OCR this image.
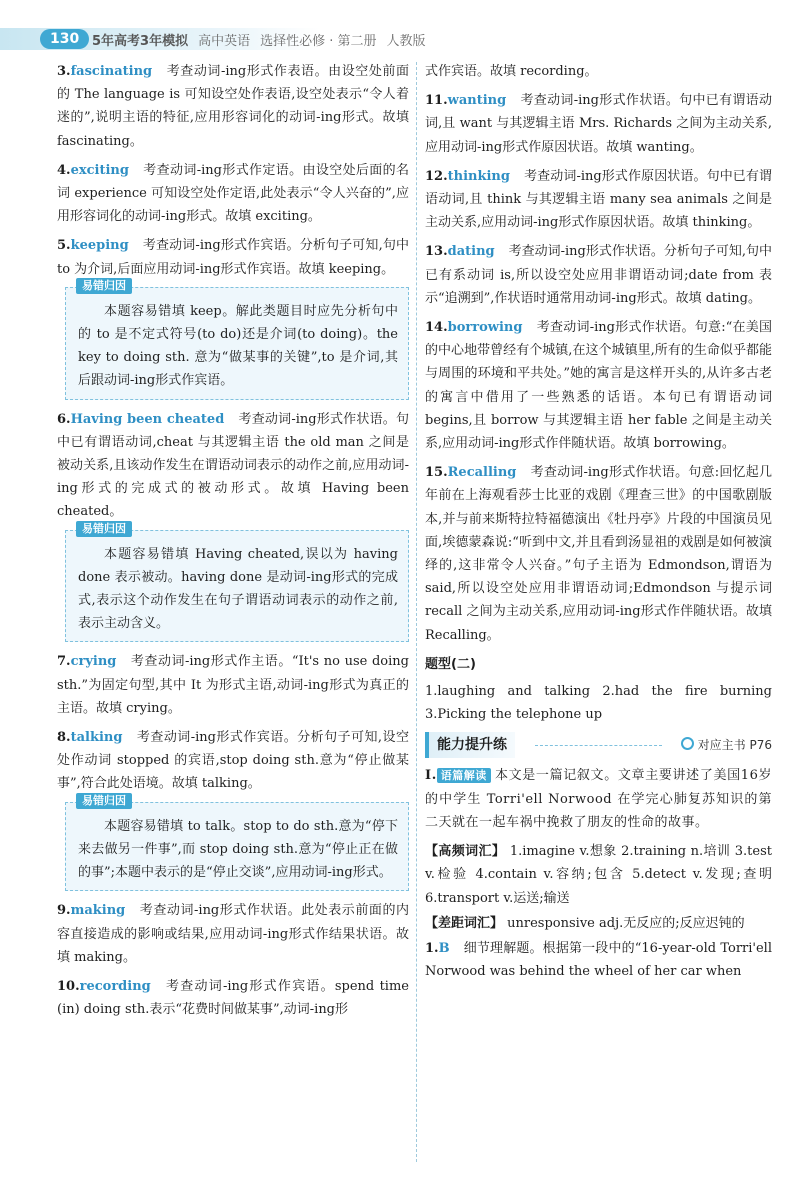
130 5年高考3年模拟 高中英语 选择性必修 · 第二册 人教版

3.fascinating 考查动词-ing形式作表语。由设空处前面的 The language is 可知设空处作表语,设空处表示“令人着迷的”,说明主语的特征,应用形容词化的动词-ing形式。故填 fascinating。

4.exciting 考查动词-ing形式作定语。由设空处后面的名词 experience 可知设空处作定语,此处表示“令人兴奋的”,应用形容词化的动词-ing形式。故填 exciting。

5.keeping 考查动词-ing形式作宾语。分析句子可知,句中 to 为介词,后面应用动词-ing形式作宾语。故填 keeping。

易错归因

本题容易错填 keep。解此类题目时应先分析句中的 to 是不定式符号(to do)还是介词(to doing)。the key to doing sth. 意为“做某事的关键”,to 是介词,其后跟动词-ing形式作宾语。

6.Having been cheated 考查动词-ing形式作状语。句中已有谓语动词,cheat 与其逻辑主语 the old man 之间是被动关系,且该动作发生在谓语动词表示的动作之前,应用动词-ing形式的完成式的被动形式。故填 Having been cheated。

易错归因

本题容易错填 Having cheated,误以为 having done 表示被动。having done 是动词-ing形式的完成式,表示这个动作发生在句子谓语动词表示的动作之前,表示主动含义。

7.crying 考查动词-ing形式作主语。“It's no use doing sth.”为固定句型,其中 It 为形式主语,动词-ing形式为真正的主语。故填 crying。

8.talking 考查动词-ing形式作宾语。分析句子可知,设空处作动词 stopped 的宾语,stop doing sth.意为“停止做某事”,符合此处语境。故填 talking。

易错归因

本题容易错填 to talk。stop to do sth.意为“停下来去做另一件事”,而 stop doing sth.意为“停止正在做的事”;本题中表示的是“停止交谈”,应用动词-ing形式。

9.making 考查动词-ing形式作状语。此处表示前面的内容直接造成的影响或结果,应用动词-ing形式作结果状语。故填 making。

10.recording 考查动词-ing形式作宾语。spend time (in) doing sth.表示“花费时间做某事”,动词-ing形

式作宾语。故填 recording。

11.wanting 考查动词-ing形式作状语。句中已有谓语动词,且 want 与其逻辑主语 Mrs. Richards 之间为主动关系,应用动词-ing形式作原因状语。故填 wanting。

12.thinking 考查动词-ing形式作原因状语。句中已有谓语动词,且 think 与其逻辑主语 many sea animals 之间是主动关系,应用动词-ing形式作原因状语。故填 thinking。

13.dating 考查动词-ing形式作状语。分析句子可知,句中已有系动词 is,所以设空处应用非谓语动词;date from 表示“追溯到”,作状语时通常用动词-ing形式。故填 dating。

14.borrowing 考查动词-ing形式作状语。句意:“在美国的中心地带曾经有个城镇,在这个城镇里,所有的生命似乎都能与周围的环境和平共处。”她的寓言是这样开头的,从许多古老的寓言中借用了一些熟悉的话语。本句已有谓语动词 begins,且 borrow 与其逻辑主语 her fable 之间是主动关系,应用动词-ing形式作伴随状语。故填 borrowing。

15.Recalling 考查动词-ing形式作状语。句意:回忆起几年前在上海观看莎士比亚的戏剧《理查三世》的中国歌剧版本,并与前来斯特拉特福德演出《牡丹亭》片段的中国演员见面,埃德蒙森说:“听到中文,并且看到汤显祖的戏剧是如何被演绎的,这非常令人兴奋。”句子主语为 Edmondson,谓语为 said,所以设空处应用非谓语动词;Edmondson 与提示词 recall 之间为主动关系,应用动词-ing形式作伴随状语。故填 Recalling。

题型(二)

1.laughing and talking 2.had the fire burning 3.Picking the telephone up

能力提升练	对应主书 P76

Ⅰ. 语篇解读 本文是一篇记叙文。文章主要讲述了美国16岁的中学生 Torri'ell Norwood 在学完心肺复苏知识的第二天就在一起车祸中挽救了朋友的性命的故事。

【高频词汇】 1.imagine v.想象 2.training n.培训 3.test v.检验 4.contain v.容纳;包含 5.detect v.发现;查明 6.transport v.运送;输送

【差距词汇】 unresponsive adj.无反应的;反应迟钝的

1.B 细节理解题。根据第一段中的“16-year-old Torri'ell Norwood was behind the wheel of her car when
